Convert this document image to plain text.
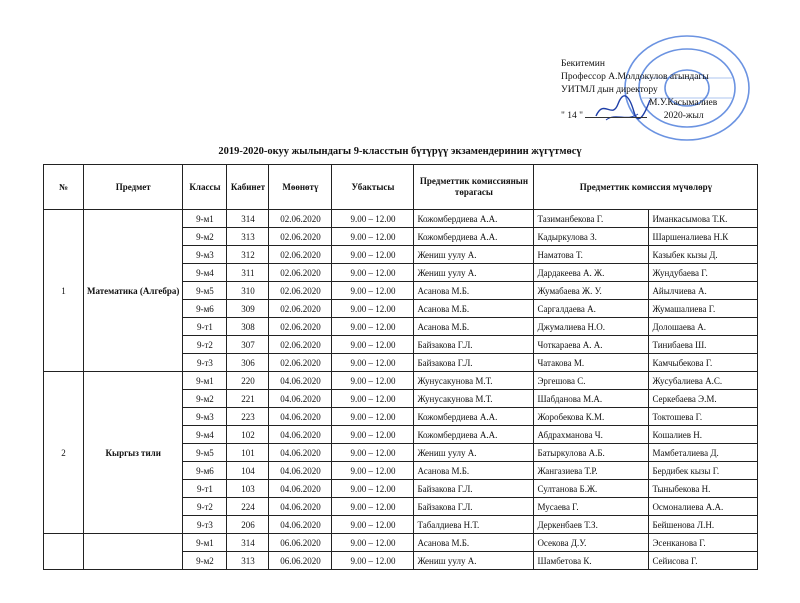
Бекитемин
Профессор А.Молдокулов атындагы
УИТМЛ дын директору
М.У.Касымалиев
" 14 "	2020-жыл
2019-2020-окуу жылындагы 9-класстын бүтүрүү экзамендеринин жүгүтмөсү
№	Предмет	Классы	Кабинет	Мөөнөтү	Убактысы	Предметтик комиссиянын төрагасы	Предметтик комиссия мүчөлөрү	
1	Математика (Алгебра)	9-м1	314	02.06.2020	9.00 – 12.00	Кожомбердиева А.А.	Тазиманбекова Г.	Иманкасымова Т.К.
		9-м2	313	02.06.2020	9.00 – 12.00	Кожомбердиева А.А.	Кадыркулова З.	Шаршеналиева Н.К
		9-м3	312	02.06.2020	9.00 – 12.00	Жениш уулу А.	Наматова Т.	Казыбек кызы Д.
		9-м4	311	02.06.2020	9.00 – 12.00	Жениш уулу А.	Дардакеева А. Ж.	Жундубаева Г.
		9-м5	310	02.06.2020	9.00 – 12.00	Асанова М.Б.	Жумабаева Ж. У.	Айылчиева А.
		9-м6	309	02.06.2020	9.00 – 12.00	Асанова М.Б.	Саргалдаева А.	Жумашалиева Г.
		9-т1	308	02.06.2020	9.00 – 12.00	Асанова М.Б.	Джумалиева Н.О.	Долошаева А.
		9-т2	307	02.06.2020	9.00 – 12.00	Байзакова Г.Л.	Чоткараева А. А.	Тинибаева Ш.
		9-т3	306	02.06.2020	9.00 – 12.00	Байзакова Г.Л.	Чатакова М.	Камчыбекова Г.
2	Кыргыз тили	9-м1	220	04.06.2020	9.00 – 12.00	Жунусакунова М.Т.	Эргешова С.	Жусубалиева А.С.
		9-м2	221	04.06.2020	9.00 – 12.00	Жунусакунова М.Т.	Шабданова М.А.	Серкебаева Э.М.
		9-м3	223	04.06.2020	9.00 – 12.00	Кожомбердиева А.А.	Жоробекова К.М.	Токтошева Г.
		9-м4	102	04.06.2020	9.00 – 12.00	Кожомбердиева А.А.	Абдрахманова Ч.	Кошалиев Н.
		9-м5	101	04.06.2020	9.00 – 12.00	Жениш уулу А.	Батыркулова А.Б.	Мамбеталиева Д.
		9-м6	104	04.06.2020	9.00 – 12.00	Асанова М.Б.	Жангазиева Т.Р.	Бердибек кызы Г.
		9-т1	103	04.06.2020	9.00 – 12.00	Байзакова Г.Л.	Султанова Б.Ж.	Тыныбекова Н.
		9-т2	224	04.06.2020	9.00 – 12.00	Байзакова Г.Л.	Мусаева Г.	Осмоналиева А.А.
		9-т3	206	04.06.2020	9.00 – 12.00	Табалдиева Н.Т.	Деркенбаев Т.З.	Бейшенова Л.Н.
		9-м1	314	06.06.2020	9.00 – 12.00	Асанова М.Б.	Осекова Д.У.	Эсенканова Г.
		9-м2	313	06.06.2020	9.00 – 12.00	Жениш уулу А.	Шамбетова К.	Сейисова Г.
